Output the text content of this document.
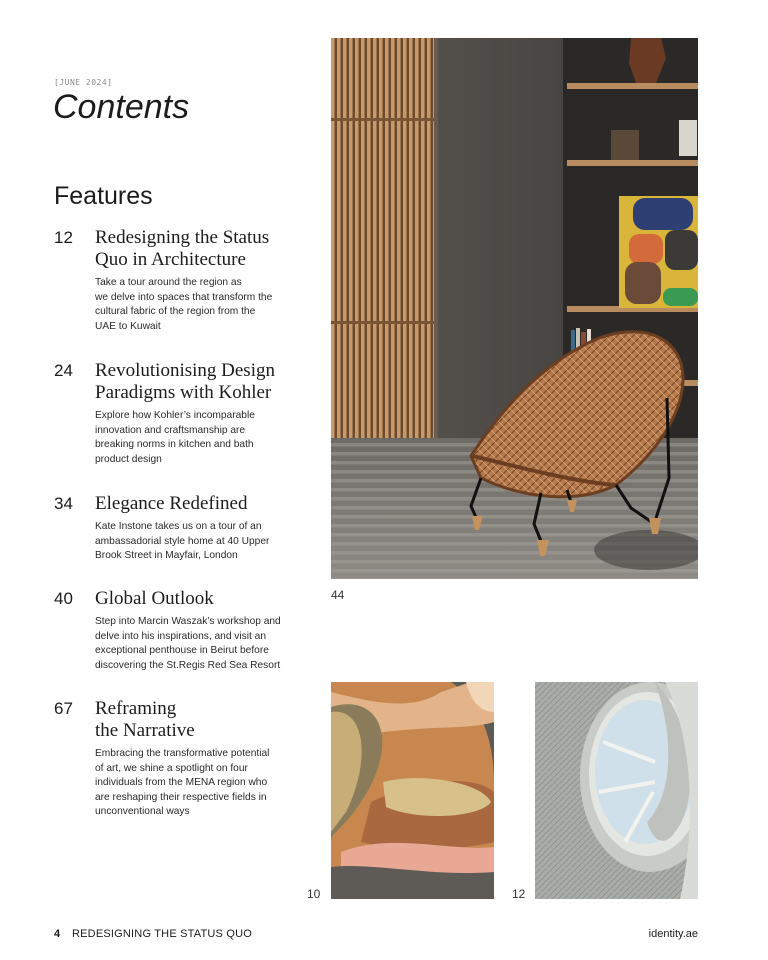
[JUNE 2024]
Contents
Features
12 Redesigning the Status
Quo in Architecture
Take a tour around the region as
we delve into spaces that transform the
cultural fabric of the region from the
UAE to Kuwait
24 Revolutionising Design
Paradigms with Kohler
Explore how Kohler’s incomparable
innovation and craftsmanship are
breaking norms in kitchen and bath
product design
34 Elegance Redefined
Kate Instone takes us on a tour of an
ambassadorial style home at 40 Upper
Brook Street in Mayfair, London
40 Global Outlook
Step into Marcin Waszak’s workshop and
delve into his inspirations, and visit an
exceptional penthouse in Beirut before
discovering the St.Regis Red Sea Resort
67 Reframing
the Narrative
Embracing the transformative potential
of art, we shine a spotlight on four
individuals from the MENA region who
are reshaping their respective fields in
unconventional ways
44
10	12
4 REDESIGNING THE STATUS QUO	identity.ae
